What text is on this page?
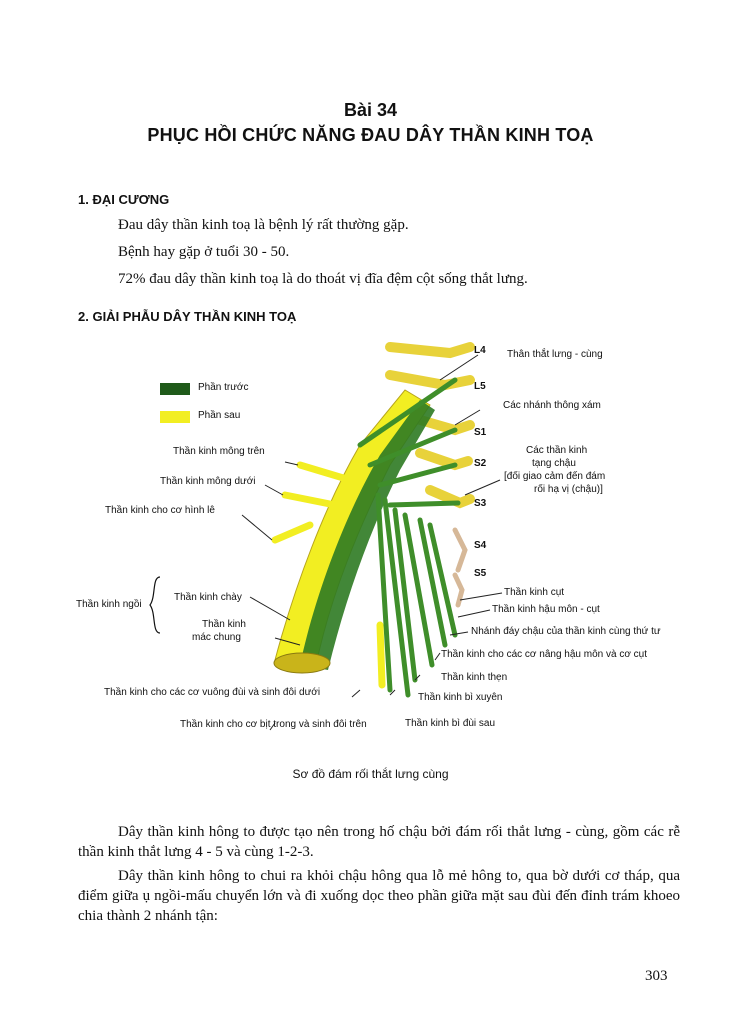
Bài 34
PHỤC HỒI CHỨC NĂNG ĐAU DÂY THẦN KINH TOẠ
1. ĐẠI CƯƠNG
Đau dây thần kinh toạ là bệnh lý rất thường gặp.
Bệnh hay gặp ở tuổi 30 - 50.
72% đau dây thần kinh toạ là do thoát vị đĩa đệm cột sống thắt lưng.
2. GIẢI PHẪU DÂY THẦN KINH TOẠ
Phần trước
Phần sau
L4
L5
S1
S2
S3
S4
S5
Thân thắt lưng - cùng
Các nhánh thông xám
Các thần kinh
tạng chậu
[đối giao cảm đến đám
rối hạ vị (chậu)]
Thần kinh cụt
Thần kinh hậu môn - cụt
Nhánh đáy chậu của thần kinh cùng thứ tư
Thần kinh cho các cơ nâng hậu môn và cơ cụt
Thần kinh thẹn
Thần kinh bì xuyên
Thần kinh bì đùi sau
Thần kinh mông trên
Thần kinh mông dưới
Thần kinh cho cơ hình lê
Thần kinh ngồi
Thần kinh chày
Thần kinh
mác chung
Thần kinh cho các cơ vuông đùi và sinh đôi dưới
Thần kinh cho cơ bịt trong và sinh đôi trên
Sơ đồ đám rối thắt lưng cùng
Dây thần kinh hông to được tạo nên trong hố chậu bởi đám rối thắt lưng - cùng, gồm các rễ thần kinh thắt lưng 4 - 5 và cùng 1-2-3.
Dây thần kinh hông to chui ra khỏi chậu hông qua lỗ mẻ hông to, qua bờ dưới cơ tháp, qua điểm giữa ụ ngồi-mấu chuyển lớn và đi xuống dọc theo phần giữa mặt sau đùi đến đỉnh trám khoeo chia thành 2 nhánh tận:
303
